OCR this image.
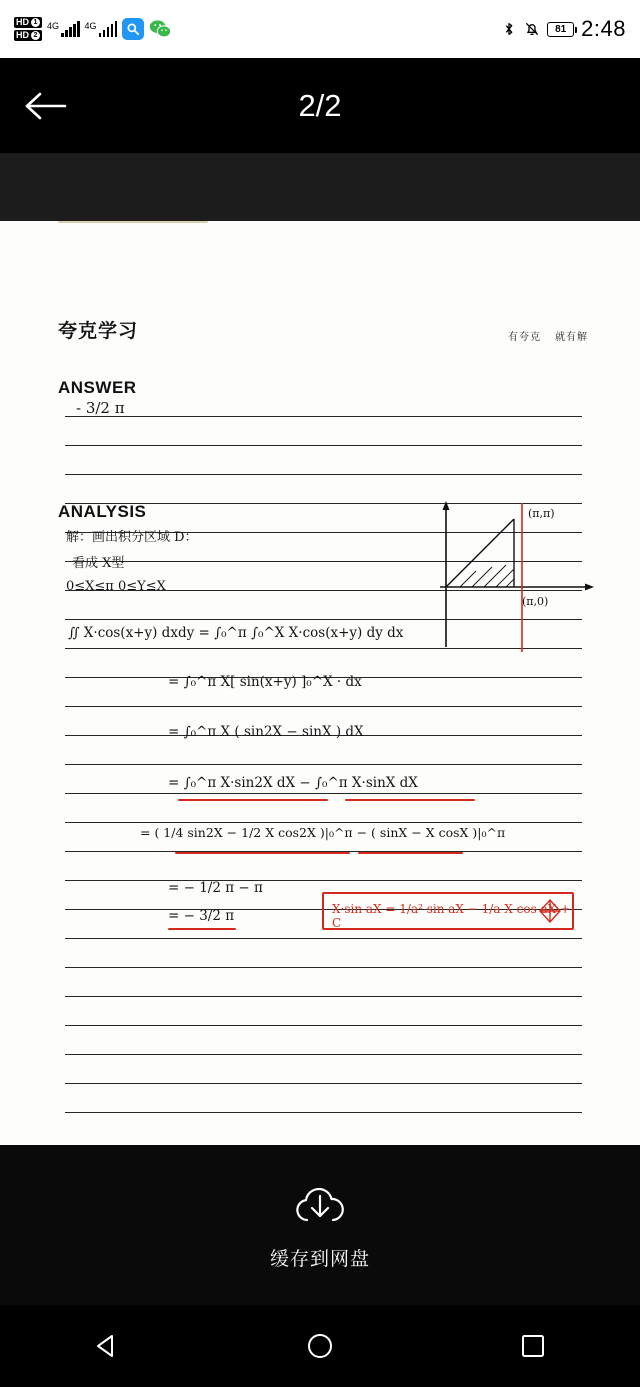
HD 1
HD 2
4G	4G	81 2:48
2/2
夸克学习	有夸克 就有解
ANSWER
- 3/2 π
ANALYSIS
解：画出积分区域 D：
看成 X型
0≤X≤π 0≤Y≤X
∬ X·cos(x+y) dxdy = ∫₀^π ∫₀^X X·cos(x+y) dy dx
= ∫₀^π X[ sin(x+y) ]₀^X · dx
= ∫₀^π X ( sin2X − sinX ) dX
= ∫₀^π X·sin2X dX − ∫₀^π X·sinX dX
= ( 1/4 sin2X − 1/2 X cos2X )|₀^π − ( sinX − X cosX )|₀^π
= − 1/2 π − π
= − 3/2 π	X·sin aX = 1/a² sin aX − 1/a X cos aX + C
(π,π)
(π,0)
缓存到网盘
